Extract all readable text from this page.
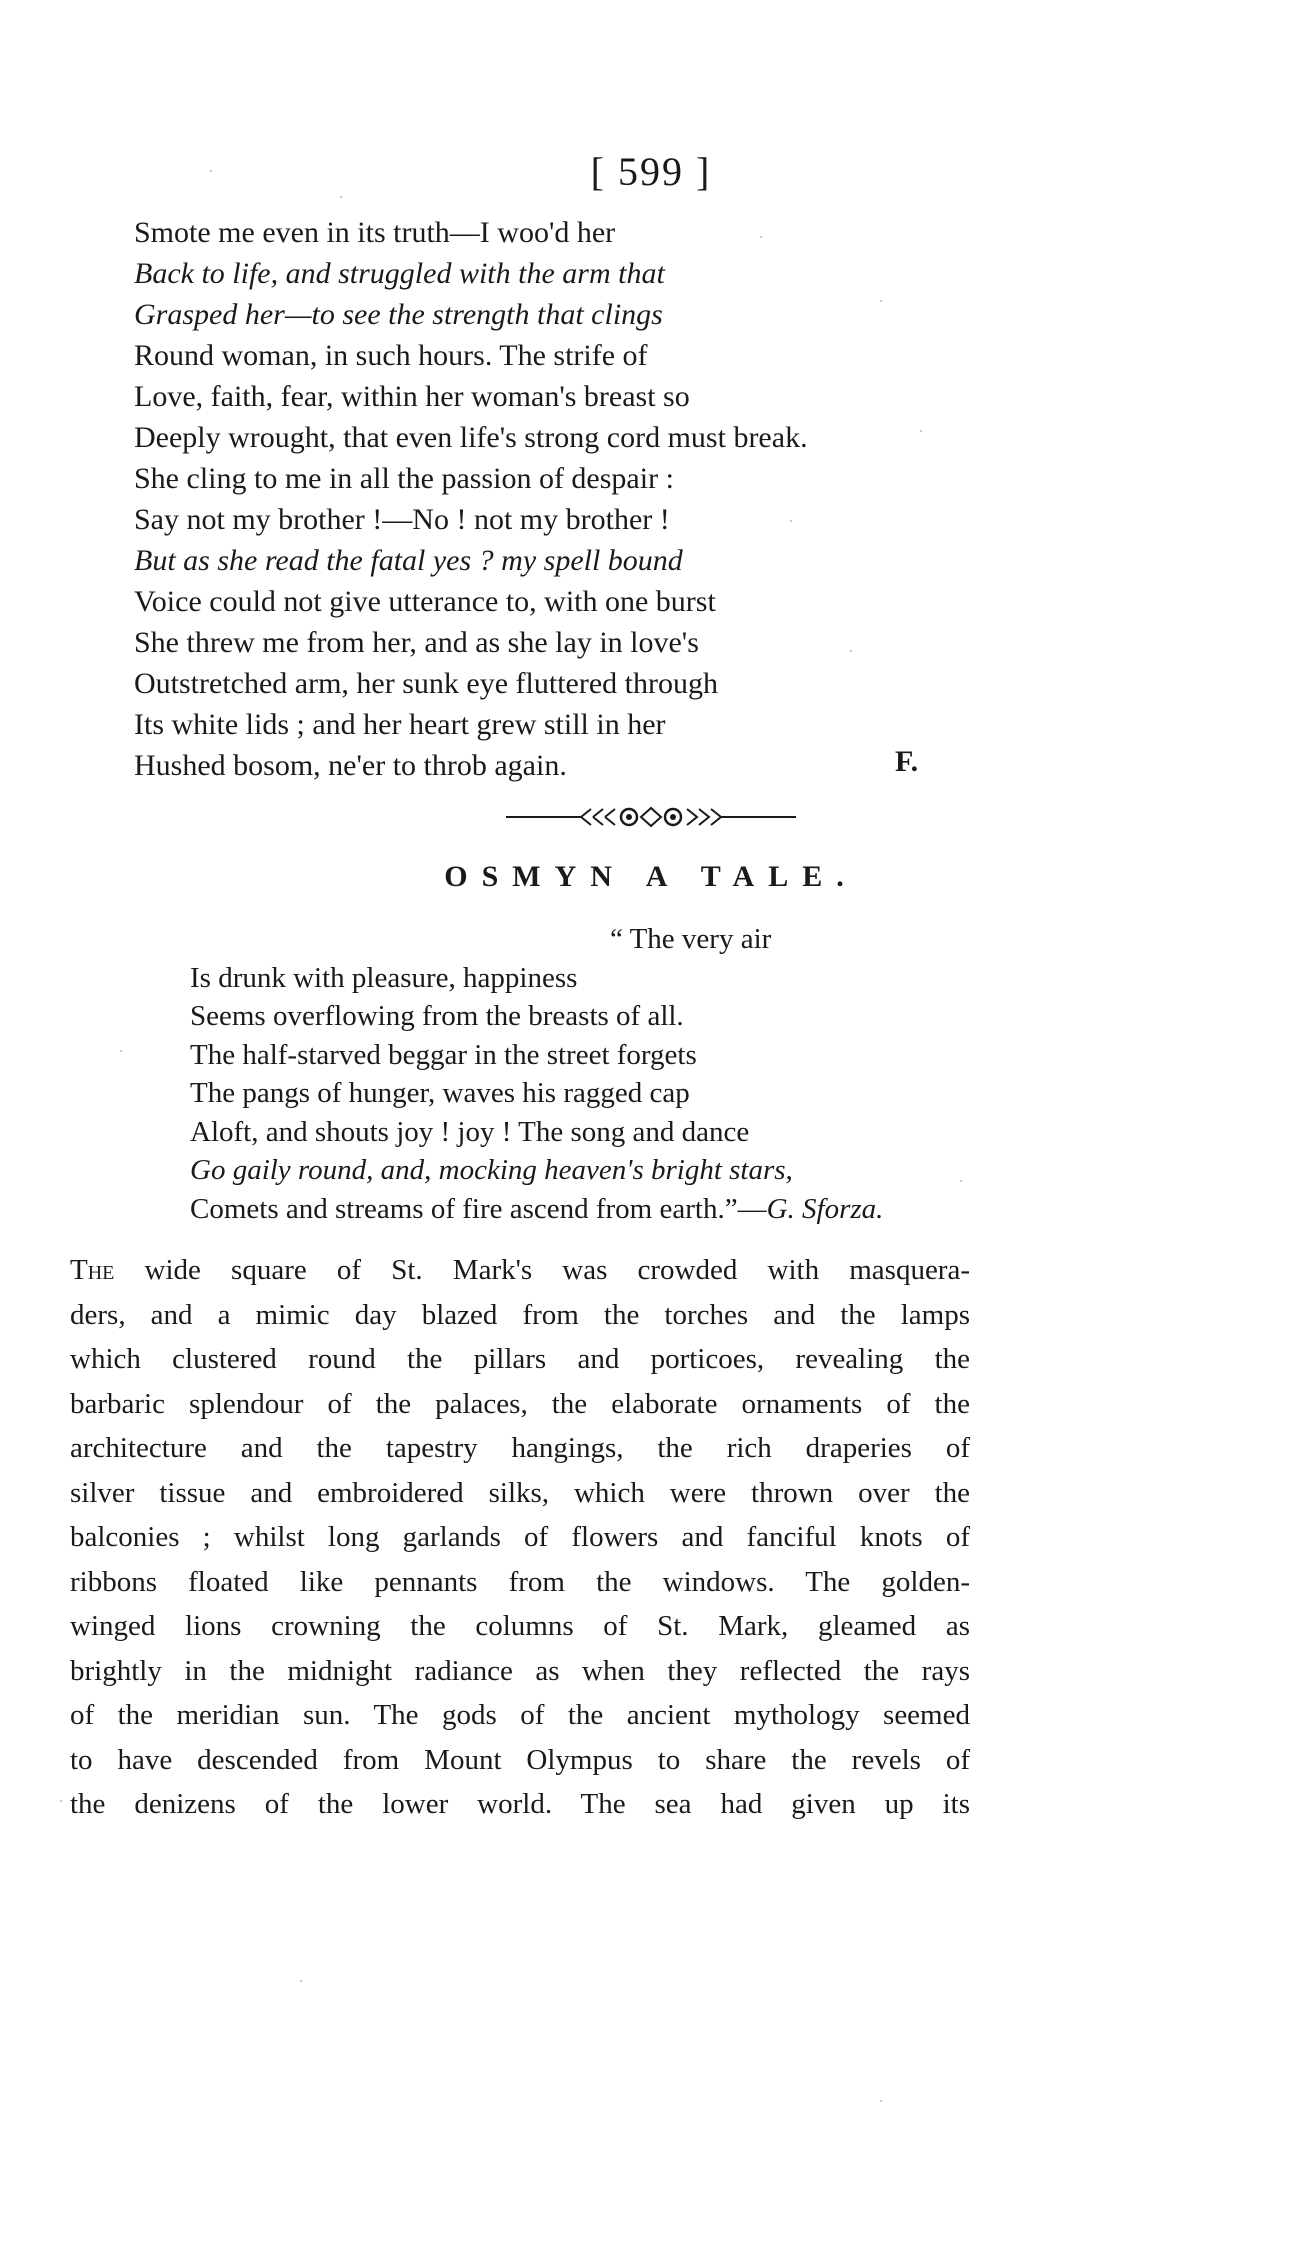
[ 599 ]
Smote me even in its truth—I woo'd her
Back to life, and struggled with the arm that
Grasped her—to see the strength that clings
Round woman, in such hours. The strife of
Love, faith, fear, within her woman's breast so
Deeply wrought, that even life's strong cord must break.
She cling to me in all the passion of despair :
Say not my brother !—No ! not my brother !
But as she read the fatal yes ? my spell bound
Voice could not give utterance to, with one burst
She threw me from her, and as she lay in love's
Outstretched arm, her sunk eye fluttered through
Its white lids ; and her heart grew still in her
Hushed bosom, ne'er to throb again.	F.
OSMYN A TALE.
“ The very air
Is drunk with pleasure, happiness
Seems overflowing from the breasts of all.
The half-starved beggar in the street forgets
The pangs of hunger, waves his ragged cap
Aloft, and shouts joy ! joy ! The song and dance
Go gaily round, and, mocking heaven's bright stars,
Comets and streams of fire ascend from earth.”—G. Sforza.
The wide square of St. Mark's was crowded with masquera-
ders, and a mimic day blazed from the torches and the lamps
which clustered round the pillars and porticoes, revealing the
barbaric splendour of the palaces, the elaborate ornaments of the
architecture and the tapestry hangings, the rich draperies of
silver tissue and embroidered silks, which were thrown over the
balconies ; whilst long garlands of flowers and fanciful knots of
ribbons floated like pennants from the windows. The golden-
winged lions crowning the columns of St. Mark, gleamed as
brightly in the midnight radiance as when they reflected the rays
of the meridian sun. The gods of the ancient mythology seemed
to have descended from Mount Olympus to share the revels of
the denizens of the lower world. The sea had given up its
